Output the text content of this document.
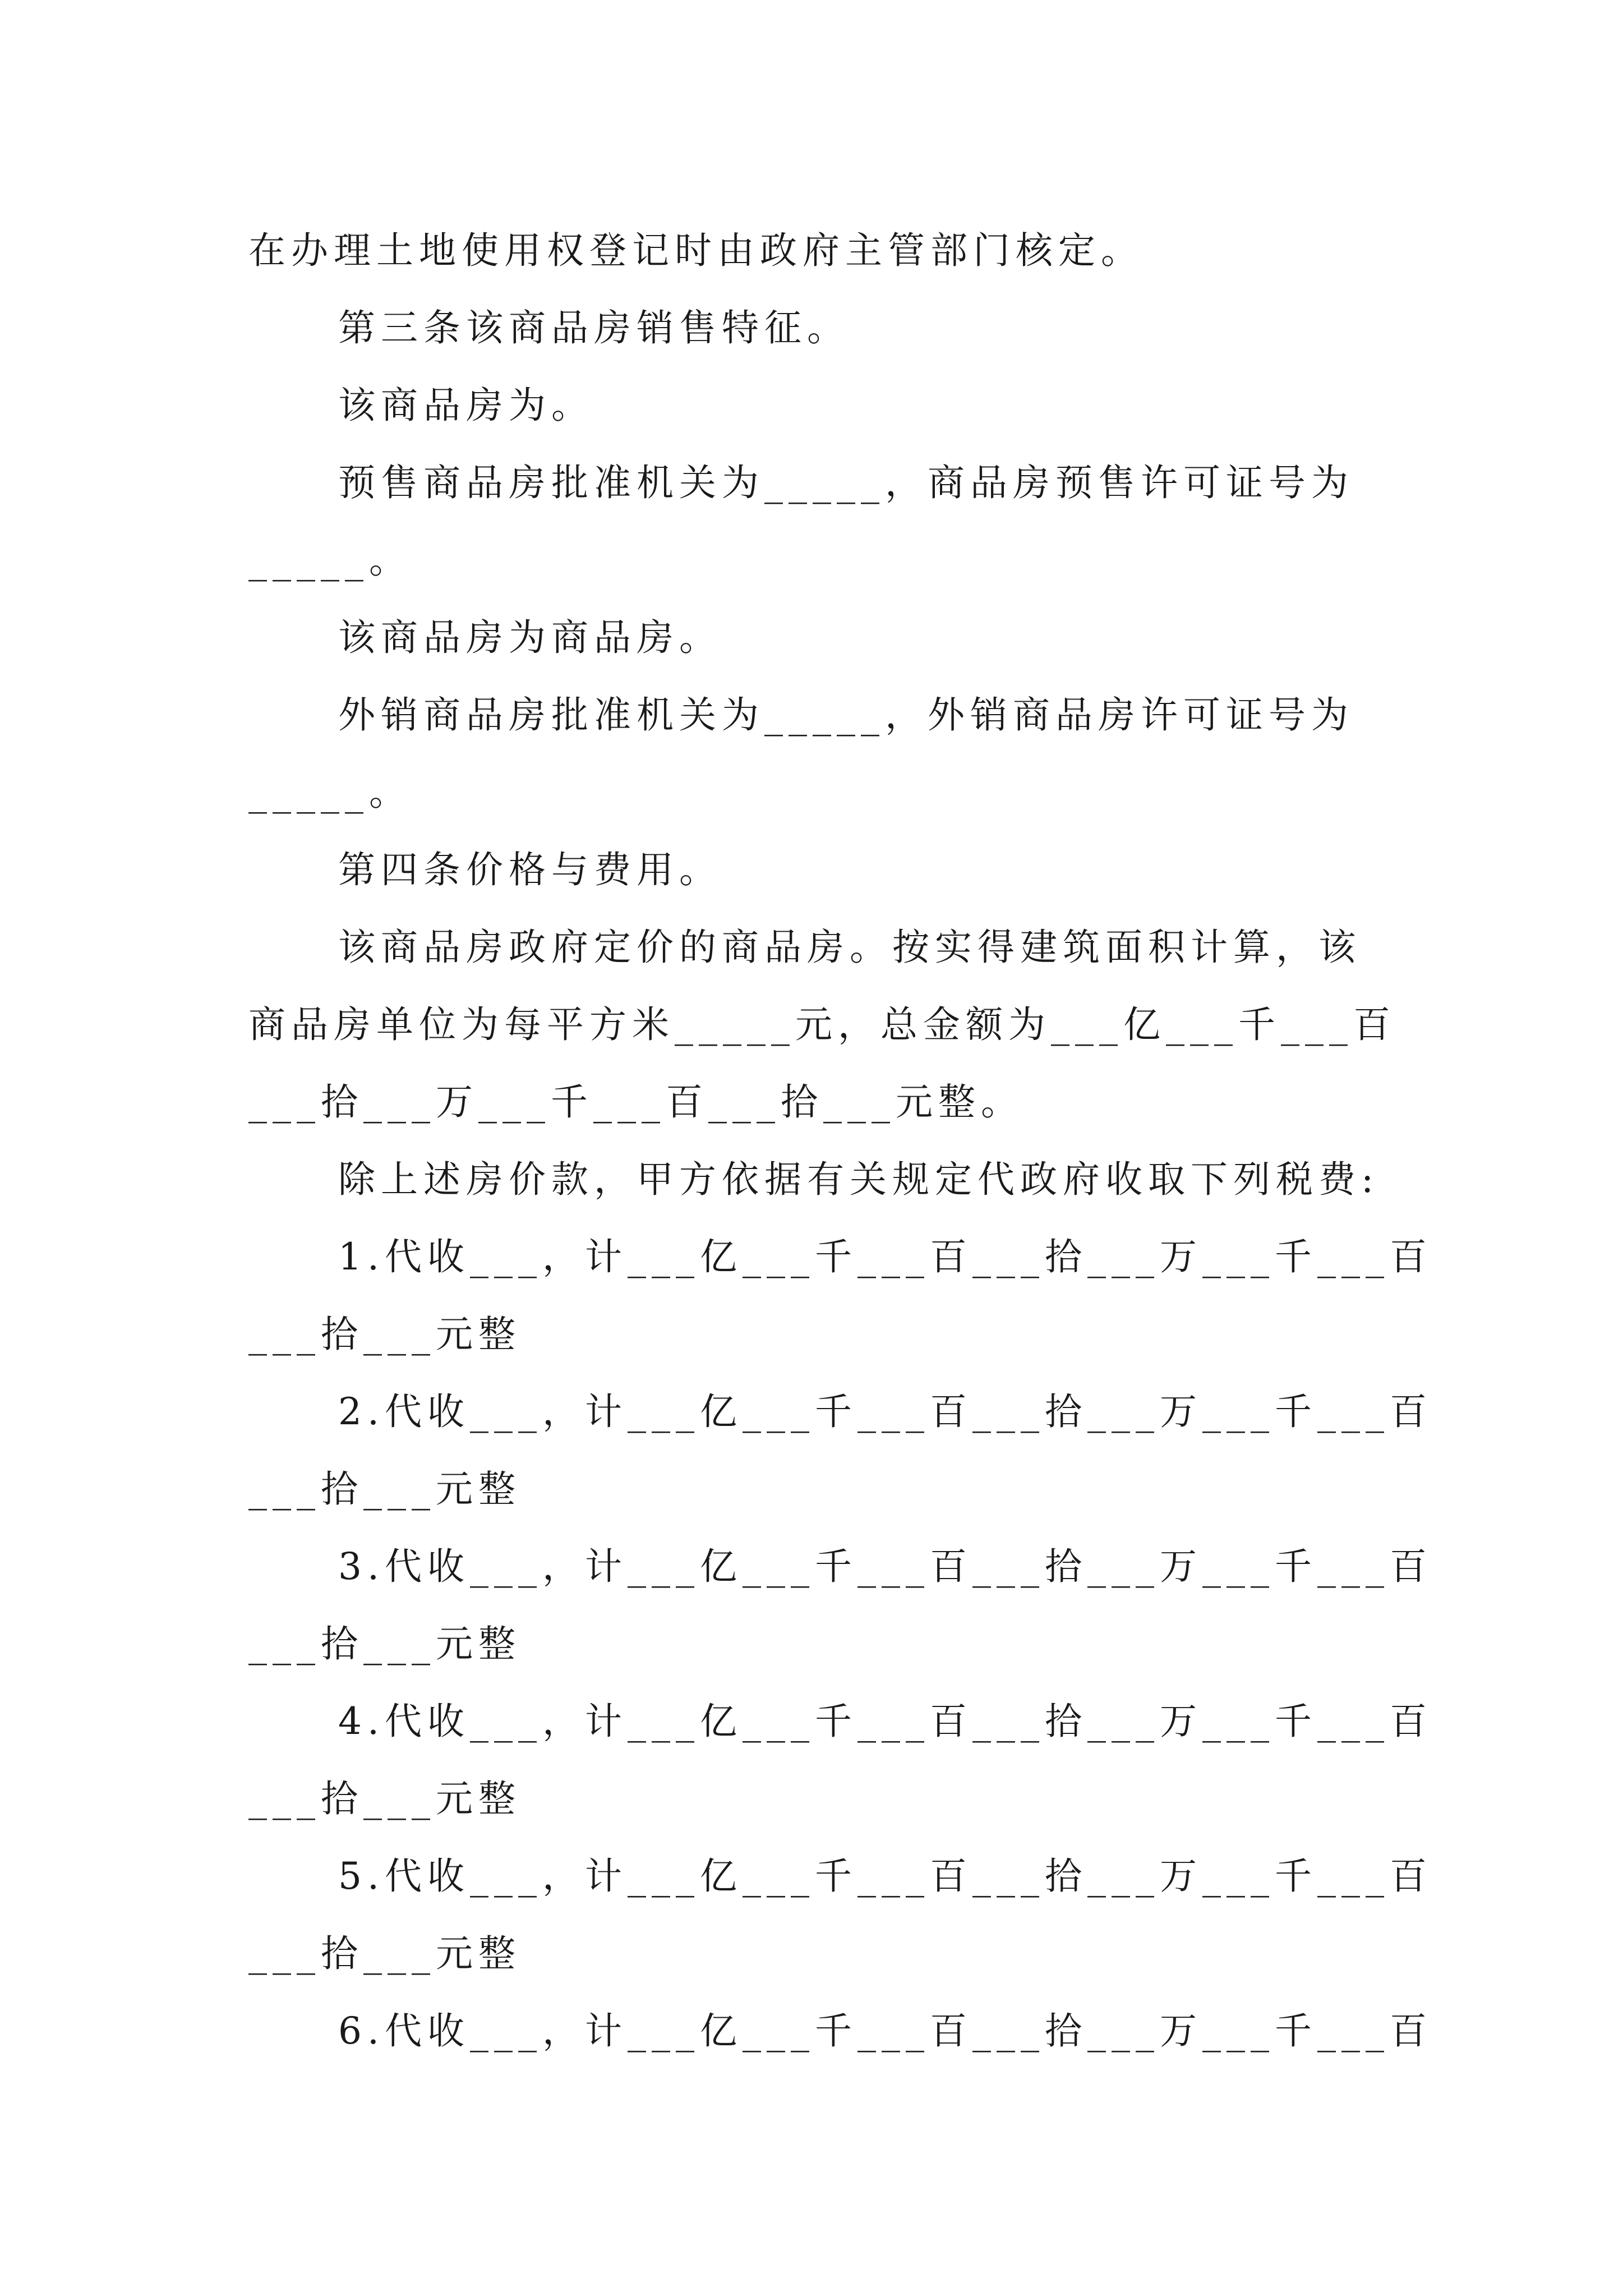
在办理土地使用权登记时由政府主管部门核定。
第三条该商品房销售特征。
该商品房为。
预售商品房批准机关为_____，商品房预售许可证号为
_____。
该商品房为商品房。
外销商品房批准机关为_____，外销商品房许可证号为
_____。
第四条价格与费用。
该商品房政府定价的商品房。按实得建筑面积计算，该
商品房单位为每平方米_____元，总金额为___亿___千___百
___拾___万___千___百___拾___元整。
除上述房价款，甲方依据有关规定代政府收取下列税费:
1.代收___，计___亿___千___百___拾___万___千___百
___拾___元整
2.代收___，计___亿___千___百___拾___万___千___百
___拾___元整
3.代收___，计___亿___千___百___拾___万___千___百
___拾___元整
4.代收___，计___亿___千___百___拾___万___千___百
___拾___元整
5.代收___，计___亿___千___百___拾___万___千___百
___拾___元整
6.代收___，计___亿___千___百___拾___万___千___百
